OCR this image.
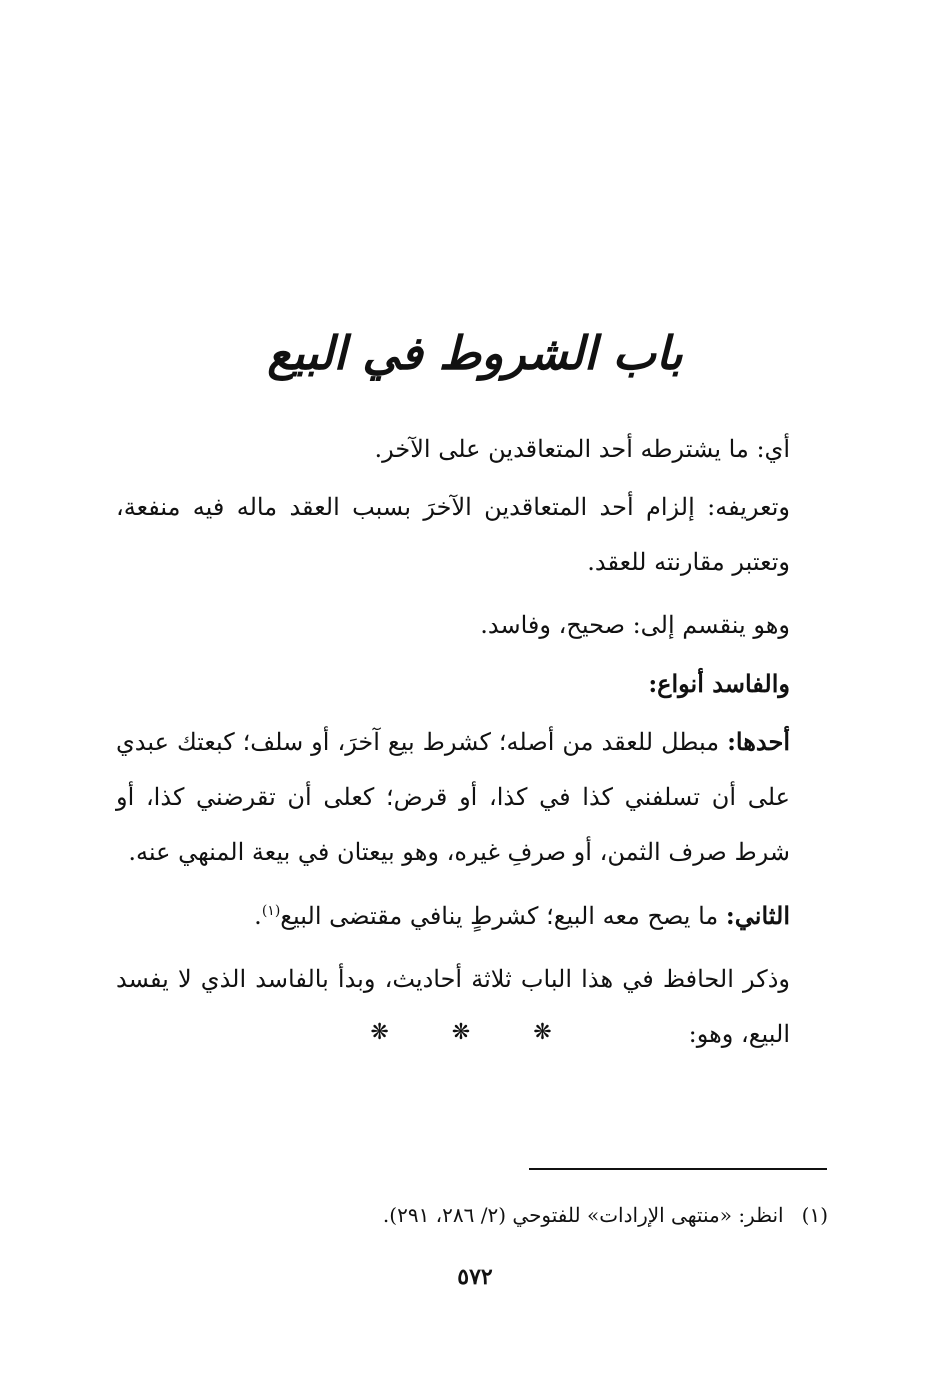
باب الشروط في البيع

أي: ما يشترطه أحد المتعاقدين على الآخر.

وتعريفه: إلزام أحد المتعاقدين الآخرَ بسبب العقد ماله فيه منفعة، وتعتبر مقارنته للعقد.

وهو ينقسم إلى: صحيح، وفاسد.

والفاسد أنواع:

أحدها: مبطل للعقد من أصله؛ كشرط بيع آخرَ، أو سلف؛ كبعتك عبدي على أن تسلفني كذا في كذا، أو قرض؛ كعلى أن تقرضني كذا، أو شرط صرف الثمن، أو صرفِ غيره، وهو بيعتان في بيعة المنهي عنه.

الثاني: ما يصح معه البيع؛ كشرطٍ ينافي مقتضى البيع$^{(١)}$.

وذكر الحافظ في هذا الباب ثلاثة أحاديث، وبدأ بالفاسد الذي لا يفسد البيع، وهو:

❋ ❋ ❋
(١)انظر: «منتهى الإرادات» للفتوحي (٢/ ٢٨٦، ٢٩١).
٥٧٢
